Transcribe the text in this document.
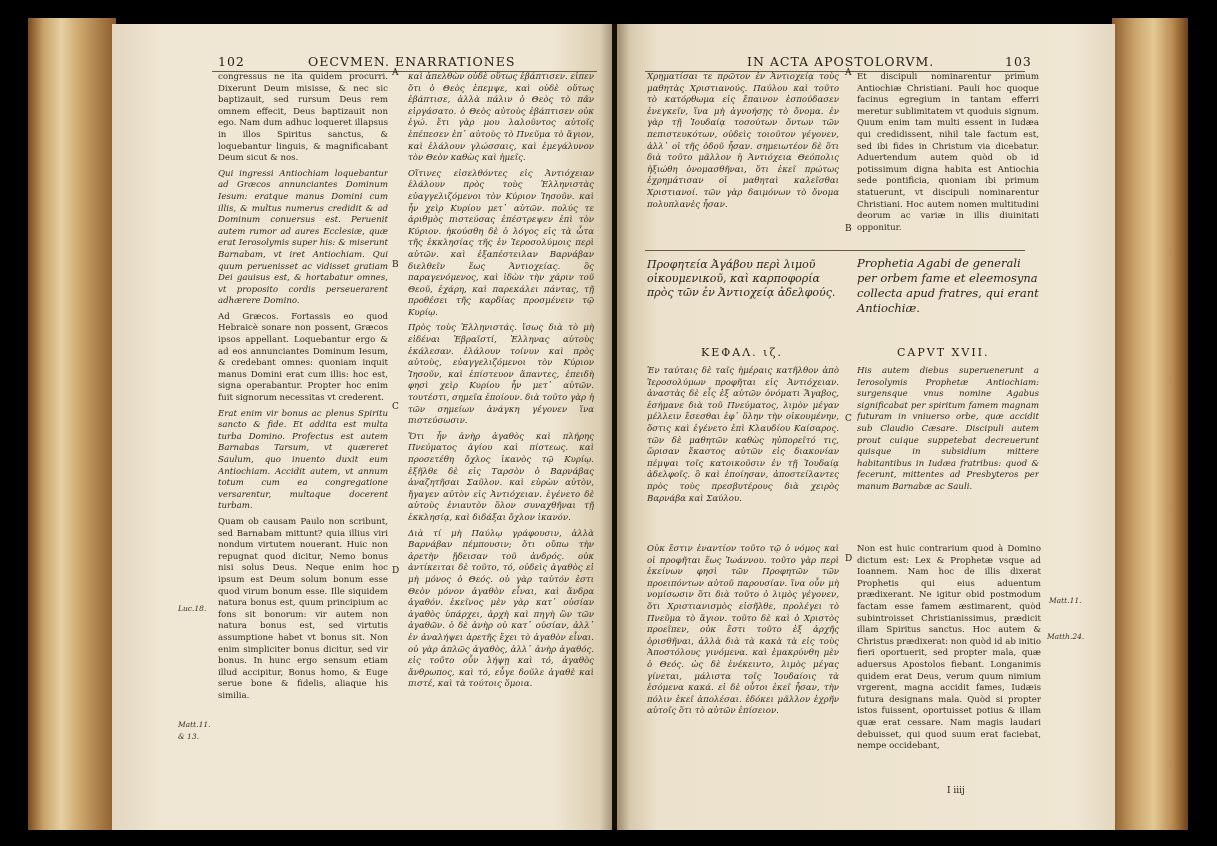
102	OECVMEN. ENARRATIONES
A
B
C
D
Luc.18.
Matt.11.
& 13.

congressus ne ita quidem procurri. Dixerunt Deum misisse, & nec sic baptizauit, sed rursum Deus rem omnem effecit, Deus baptizauit non ego. Nam dum adhuc loqueret illapsus in illos Spiritus sanctus, & loquebantur linguis, & magnificabant Deum sicut & nos.

Qui ingressi Antiochiam loquebantur ad Græcos annunciantes Dominum Iesum: eratque manus Domini cum illis, & multus numerus credidit & ad Dominum conuersus est. Peruenit autem rumor ad aures Ecclesiæ, quæ erat Ierosolymis super his: & miserunt Barnabam, vt iret Antiochiam. Qui quum peruenisset ac vidisset gratiam Dei gauisus est, & hortabatur omnes, vt proposito cordis perseuerarent adhærere Domino.

Ad Græcos. Fortassis eo quod Hebraicè sonare non possent, Græcos ipsos appellant. Loquebantur ergo & ad eos annunciantes Dominum Iesum, & credebant omnes: quoniam inquit manus Domini erat cum illis: hoc est, signa operabantur. Propter hoc enim fuit signorum necessitas vt crederent.

Erat enim vir bonus ac plenus Spiritu sancto & fide. Et addita est multa turba Domino. Profectus est autem Barnabas Tarsum, vt quæreret Saulum, quo inuento duxit eum Antiochiam. Accidit autem, vt annum totum cum ea congregatione versarentur, multaque docerent turbam.

Quam ob causam Paulo non scribunt, sed Barnabam mittunt? quia illius viri nondum virtutem nouerant. Huic non repugnat quod dicitur, Nemo bonus nisi solus Deus. Neque enim hoc ipsum est Deum solum bonum esse quod virum bonum esse. Ille siquidem natura bonus est, quum principium ac fons sit bonorum: vir autem non natura bonus est, sed virtutis assumptione habet vt bonus sit. Non enim simpliciter bonus dicitur, sed vir bonus. In hunc ergo sensum etiam illud accipitur, Bonus homo, & Euge serue bone & fidelis, aliaque his similia.

καὶ ἀπελθὼν οὐδὲ οὕτως ἐβάπτισεν. εἶπεν ὅτι ὁ Θεὸς ἐπεμψε, καὶ οὐδὲ οὕτως ἐβάπτισε, ἀλλὰ πάλιν ὁ Θεὸς τὸ πᾶν εἰργάσατο. ὁ Θεὸς αὐτοὺς ἐβάπτισεν οὐκ ἐγώ. ἔτι γὰρ μου λαλοῦντος αὐτοῖς ἐπέπεσεν ἐπ᾽ αὐτοὺς τὸ Πνεῦμα τὸ ἅγιον, καὶ ἐλάλουν γλώσσαις, καὶ ἐμεγάλυνον τὸν Θεὸν καθὼς καὶ ἡμεῖς.

Οἵτινες εἰσελθόντες εἰς Ἀντιόχειαν ἐλάλουν πρὸς τοὺς Ἑλληνιστὰς εὐαγγελιζόμενοι τὸν Κύριον Ἰησοῦν. καὶ ἦν χεὶρ Κυρίου μετ᾽ αὐτῶν. πολύς τε ἀριθμὸς πιστεύσας ἐπέστρεψεν ἐπὶ τὸν Κύριον. ἠκούσθη δὲ ὁ λόγος εἰς τὰ ὦτα τῆς ἐκκλησίας τῆς ἐν Ἱεροσολύμοις περὶ αὐτῶν. καὶ ἐξαπέστειλαν Βαρνάβαν διελθεῖν ἕως Ἀντιοχείας. ὃς παραγενόμενος, καὶ ἰδὼν τὴν χάριν τοῦ Θεοῦ, ἐχάρη, καὶ παρεκάλει πάντας, τῇ προθέσει τῆς καρδίας προσμένειν τῷ Κυρίῳ.

Πρὸς τοὺς Ἑλληνιστάς. ἴσως διὰ τὸ μὴ εἰδέναι Ἑβραϊστί, Ἑλληνας αὐτοὺς ἐκάλεσαν. ἐλάλουν τοίνυν καὶ πρὸς αὐτοὺς, εὐαγγελιζόμενοι τὸν Κύριον Ἰησοῦν, καὶ ἐπίστευον ἅπαντες, ἐπειδὴ φησὶ χεὶρ Κυρίου ἦν μετ᾽ αὐτῶν. τουτέστι, σημεῖα ἐποίουν. διὰ τοῦτο γὰρ ἡ τῶν σημείων ἀνάγκη γέγονεν ἵνα πιστεύσωσιν.

Ὅτι ἦν ἀνὴρ ἀγαθὸς καὶ πλήρης Πνεύματος ἁγίου καὶ πίστεως. καὶ προσετέθη ὄχλος ἱκανὸς τῷ Κυρίῳ. ἐξῆλθε δὲ εἰς Ταρσὸν ὁ Βαρνάβας ἀναζητῆσαι Σαῦλον. καὶ εὑρὼν αὐτὸν, ἤγαγεν αὐτὸν εἰς Ἀντιόχειαν. ἐγένετο δὲ αὐτοὺς ἐνιαυτὸν ὅλον συναχθῆναι τῇ ἐκκλησίᾳ, καὶ διδάξαι ὄχλον ἱκανόν.

Διὰ τί μὴ Παύλῳ γράφουσιν, ἀλλὰ Βαρνάβαν πέμπουσιν; ὅτι οὔπω τὴν ἀρετὴν ᾔδεισαν τοῦ ἀνδρός. οὐκ ἀντίκειται δὲ τοῦτο, τό, οὐδεὶς ἀγαθὸς εἰ μὴ μόνος ὁ Θεός. οὐ γὰρ ταὐτόν ἐστι Θεὸν μόνον ἀγαθὸν εἶναι, καὶ ἄνδρα ἀγαθόν. ἐκεῖνος μὲν γὰρ κατ᾽ οὐσίαν ἀγαθὸς ὑπάρχει, ἀρχὴ καὶ πηγὴ ὢν τῶν ἀγαθῶν. ὁ δὲ ἀνὴρ οὐ κατ᾽ οὐσίαν, ἀλλ᾽ ἐν ἀναλήψει ἀρετῆς ἔχει τὸ ἀγαθὸν εἶναι. οὐ γὰρ ἁπλῶς ἀγαθὸς, ἀλλ᾽ ἀνὴρ ἀγαθός. εἰς τοῦτο οὖν λήψῃ καὶ τό, ἀγαθὸς ἄνθρωπος, καὶ τό, εὖγε δοῦλε ἀγαθὲ καὶ πιστέ, καὶ τὰ τούτοις ὅμοια.

IN ACTA APOSTOLORVM.	103
A
B
C
D
Matt.11.
Matth.24.

Χρηματίσαι τε πρῶτον ἐν Ἀντιοχείᾳ τοὺς μαθητὰς Χριστιανούς. Παύλου καὶ τοῦτο τὸ κατόρθωμα εἰς ἔπαινον ἐσπούδασεν ἐνεγκεῖν, ἵνα μὴ ἀγνοήσῃς τὸ ὄνομα. ἐν γὰρ τῇ Ἰουδαίᾳ τοσούτων ὄντων τῶν πεπιστευκότων, οὐδεὶς τοιοῦτον γέγονεν, ἀλλ᾽ οἱ τῆς ὁδοῦ ἦσαν. σημειωτέον δὲ ὅτι διὰ τοῦτο μᾶλλον ἡ Ἀντιόχεια Θεόπολις ἠξιώθη ὀνομασθῆναι, ὅτι ἐκεῖ πρώτως ἐχρημάτισαν οἱ μαθηταὶ καλεῖσθαι Χριστιανοί. τῶν γὰρ δαιμόνων τὸ ὄνομα πολυπλανὲς ἦσαν.

Et discipuli nominarentur primum Antiochiæ Christiani. Pauli hoc quoque facinus egregium in tantam efferri meretur sublimitatem vt quoduis signum. Quum enim tam multi essent in Iudæa qui credidissent, nihil tale factum est, sed ibi fides in Christum via dicebatur. Aduertendum autem quòd ob id potissimum digna habita est Antiochia sede pontificia, quoniam ibi primum statuerunt, vt discipuli nominarentur Christiani. Hoc autem nomen multitudini deorum ac variæ in illis diuinitati opponitur.

Προφητεία Ἀγάβου περὶ λιμοῦ οἰκουμενικοῦ, καὶ καρποφορία πρὸς τῶν ἐν Ἀντιοχείᾳ ἀδελφούς.
Prophetia Agabi de generali per orbem fame et eleemosyna collecta apud fratres, qui erant Antiochiæ.
ΚΕΦΑΛ. ιζ.	CAPVT XVII.

Ἐν ταύταις δὲ ταῖς ἡμέραις κατῆλθον ἀπὸ Ἱεροσολύμων προφῆται εἰς Ἀντιόχειαν. ἀναστὰς δὲ εἷς ἐξ αὐτῶν ὀνόματι Ἄγαβος, ἐσήμανε διὰ τοῦ Πνεύματος, λιμὸν μέγαν μέλλειν ἔσεσθαι ἐφ᾽ ὅλην τὴν οἰκουμένην, ὅστις καὶ ἐγένετο ἐπὶ Κλαυδίου Καίσαρος. τῶν δὲ μαθητῶν καθὼς ηὐπορεῖτό τις, ὥρισαν ἕκαστος αὐτῶν εἰς διακονίαν πέμψαι τοῖς κατοικοῦσιν ἐν τῇ Ἰουδαίᾳ ἀδελφοῖς. ὃ καὶ ἐποίησαν, ἀποστείλαντες πρὸς τοὺς πρεσβυτέρους διὰ χειρὸς Βαρνάβα καὶ Σαύλου.

His autem diebus superuenerunt a Ierosolymis Prophetæ Antiochiam: surgensque vnus nomine Agabus significabat per spiritum famem magnam futuram in vniuerso orbe, quæ accidit sub Claudio Cæsare. Discipuli autem prout cuique suppetebat decreuerunt quisque in subsidium mittere habitantibus in Iudæa fratribus: quod & fecerunt, mittentes ad Presbyteros per manum Barnabæ ac Sauli.

Οὐκ ἔστιν ἐναντίον τοῦτο τῷ ὁ νόμος καὶ οἱ προφῆται ἕως Ἰωάννου. τοῦτο γὰρ περὶ ἐκείνων φησὶ τῶν Προφητῶν τῶν προειπόντων αὐτοῦ παρουσίαν. ἵνα οὖν μὴ νομίσωσιν ὅτι διὰ τοῦτο ὁ λιμὸς γέγονεν, ὅτι Χριστιανισμὸς εἰσῆλθε, προλέγει τὸ Πνεῦμα τὸ ἅγιον. τοῦτο δὲ καὶ ὁ Χριστὸς προεῖπεν, οὐκ ἔστι τοῦτο ἐξ ἀρχῆς ὁρισθῆναι, ἀλλὰ διὰ τὰ κακὰ τὰ εἰς τοὺς Ἀποστόλους γινόμενα. καὶ ἐμακρύνθη μὲν ὁ Θεός. ὡς δὲ ἐνέκειντο, λιμὸς μέγας γίνεται, μάλιστα τοῖς Ἰουδαίοις τὰ ἐσόμενα κακά. εἰ δὲ οὗτοι ἐκεῖ ἦσαν, τὴν πόλιν ἐκεῖ ἀπολέσαι. ἐδόκει μᾶλλον ἐχρῆν αὐτοῖς ὅτι τὸ αὐτῶν ἐπίσειον.

Non est huic contrarium quod à Domino dictum est: Lex & Prophetæ vsque ad Ioannem. Nam hoc de illis dixerat Prophetis qui eius aduentum prædixerant. Ne igitur obid postmodum factam esse famem æstimarent, quòd subintroisset Christianissimus, prædicit illam Spiritus sanctus. Hoc autem & Christus prædixerat: non quòd id ab initio fieri oportuerit, sed propter mala, quæ aduersus Apostolos fiebant. Longanimis quidem erat Deus, verum quum nimium vrgerent, magna accidit fames, Iudæis futura designans mala. Quòd si propter istos fuissent, oportuisset potius & illam quæ erat cessare. Nam magis laudari debuisset, qui quod suum erat faciebat, nempe occidebant,

I iiij
